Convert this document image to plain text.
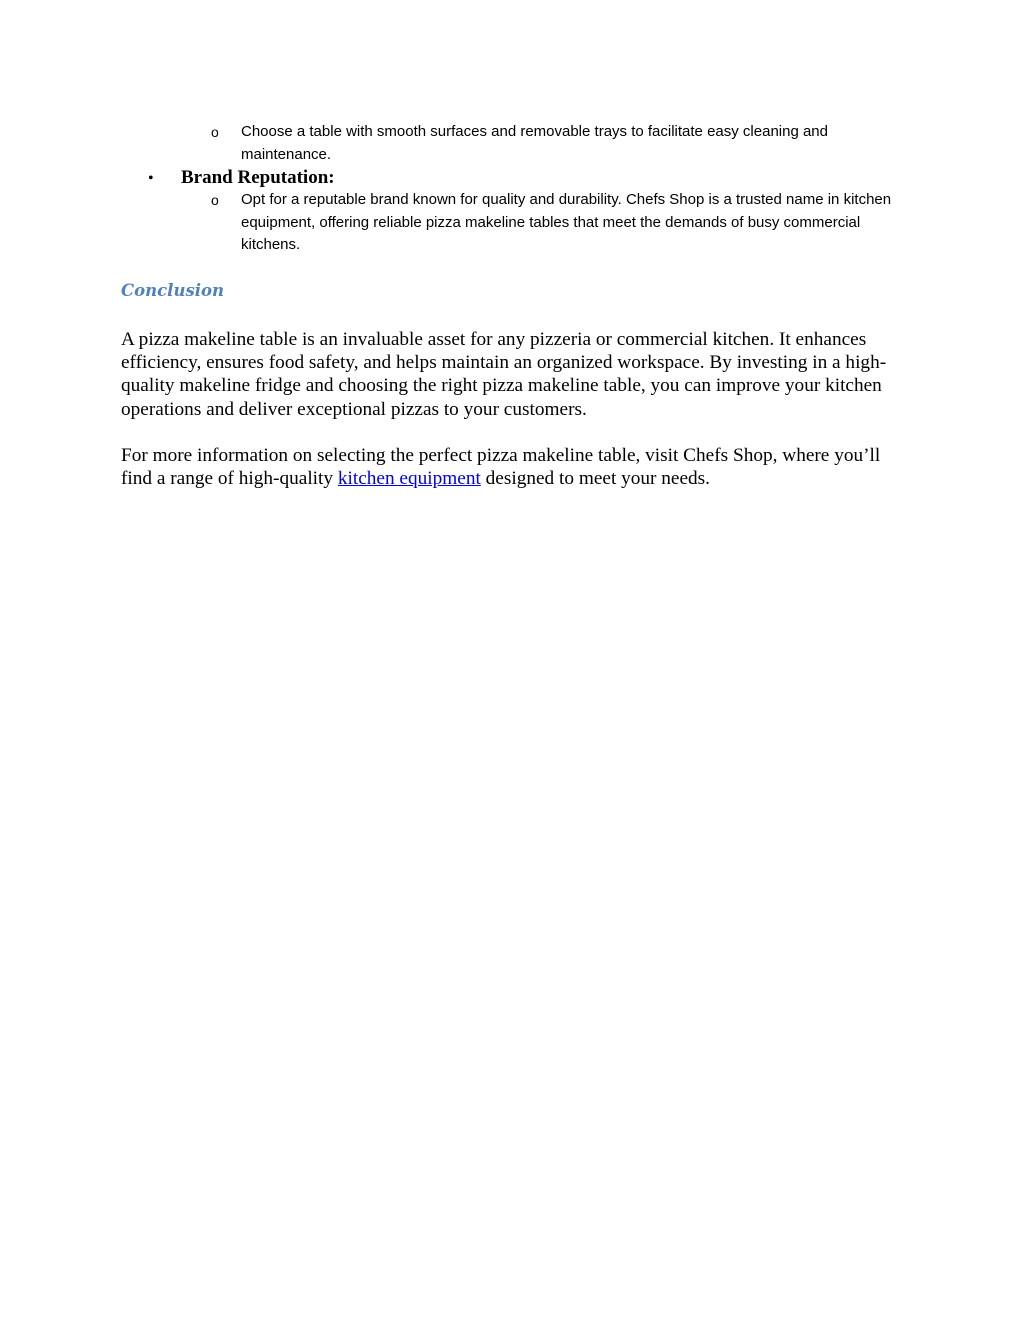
o Choose a table with smooth surfaces and removable trays to facilitate easy cleaning and maintenance.
• Brand Reputation:
o Opt for a reputable brand known for quality and durability. Chefs Shop is a trusted name in kitchen equipment, offering reliable pizza makeline tables that meet the demands of busy commercial kitchens.
Conclusion
A pizza makeline table is an invaluable asset for any pizzeria or commercial kitchen. It enhances efficiency, ensures food safety, and helps maintain an organized workspace. By investing in a high-quality makeline fridge and choosing the right pizza makeline table, you can improve your kitchen operations and deliver exceptional pizzas to your customers.
For more information on selecting the perfect pizza makeline table, visit Chefs Shop, where you’ll find a range of high-quality kitchen equipment designed to meet your needs.
